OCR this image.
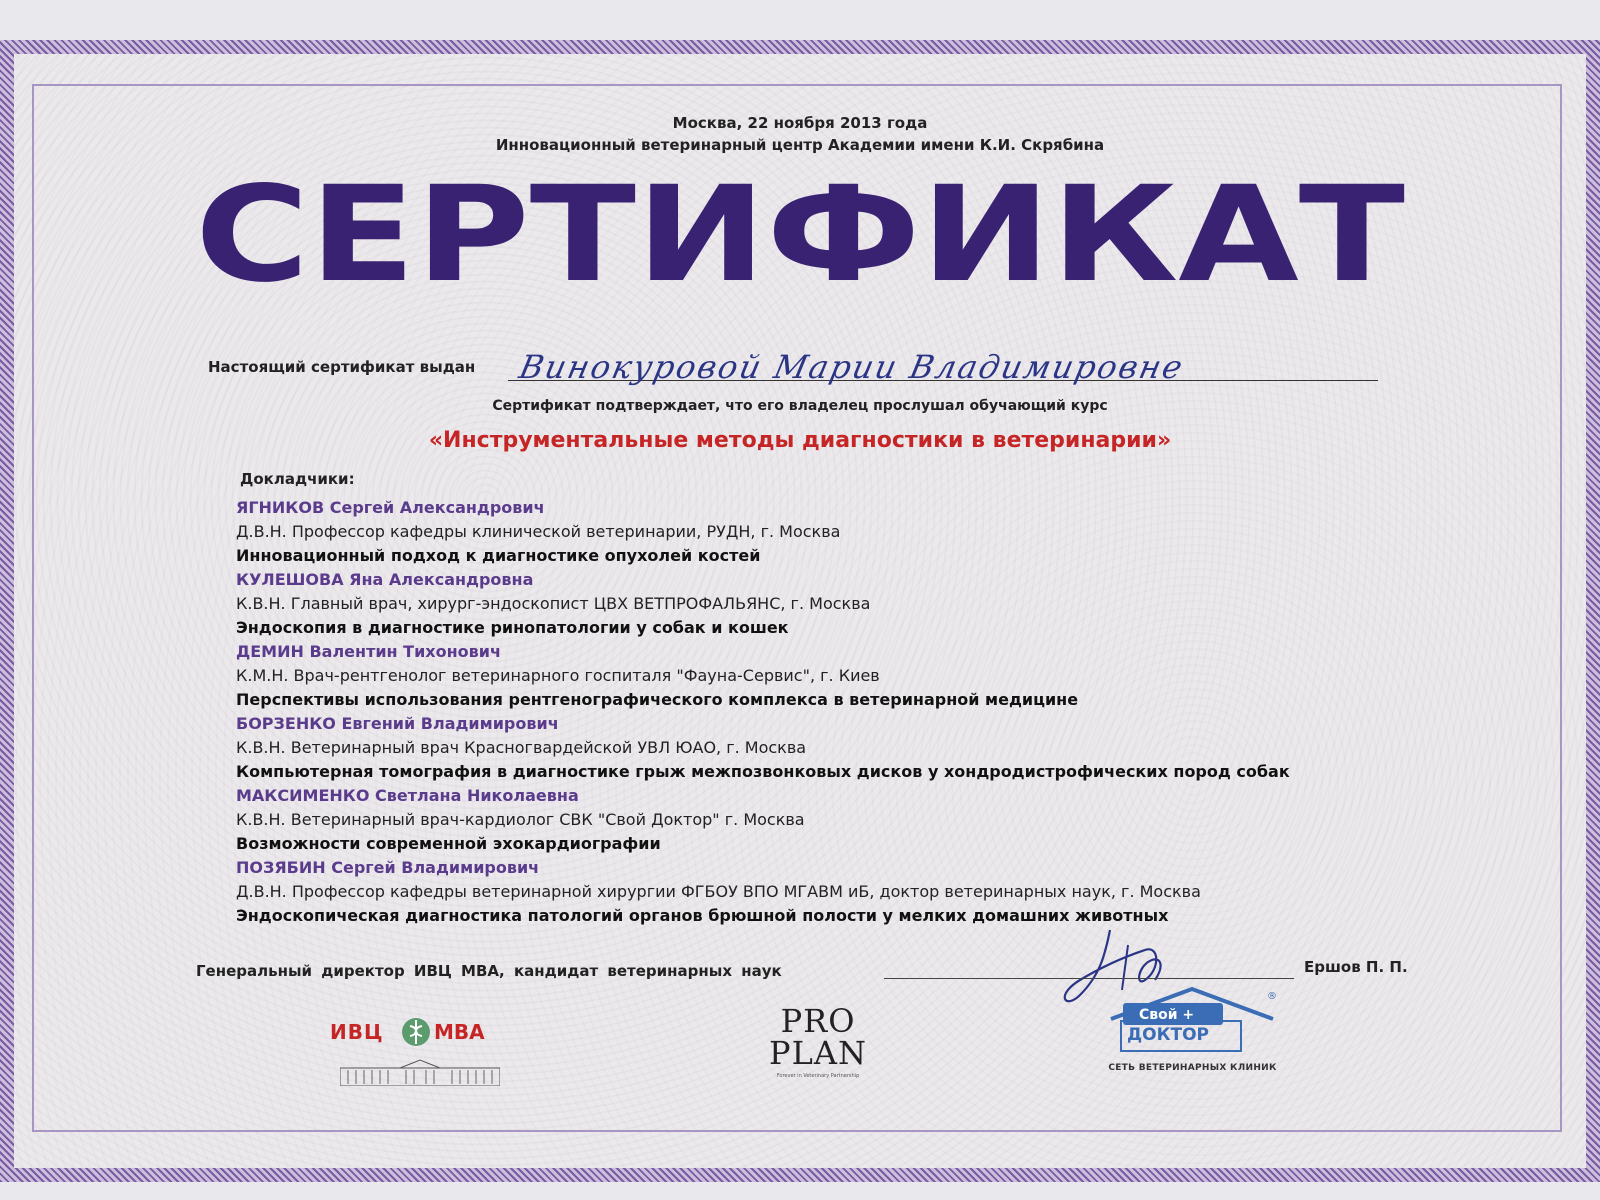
Москва, 22 ноября 2013 года
Инновационный ветеринарный центр Академии имени К.И. Скрябина
СЕРТИФИКАТ
Настоящий сертификат выдан Винокуровой Марии Владимировне
Сертификат подтверждает, что его владелец прослушал обучающий курс
«Инструментальные методы диагностики в ветеринарии»
Докладчики:
ЯГНИКОВ Сергей Александрович
Д.В.Н. Профессор кафедры клинической ветеринарии, РУДН, г. Москва
Инновационный подход к диагностике опухолей костей
КУЛЕШОВА Яна Александровна
К.В.Н. Главный врач, хирург-эндоскопист ЦВХ ВЕТПРОФАЛЬЯНС, г. Москва
Эндоскопия в диагностике ринопатологии у собак и кошек
ДЕМИН Валентин Тихонович
К.М.Н. Врач-рентгенолог ветеринарного госпиталя "Фауна-Сервис", г. Киев
Перспективы использования рентгенографического комплекса в ветеринарной медицине
БОРЗЕНКО Евгений Владимирович
К.В.Н. Ветеринарный врач Красногвардейской УВЛ ЮАО, г. Москва
Компьютерная томография в диагностике грыж межпозвонковых дисков у хондродистрофических пород собак
МАКСИМЕНКО Светлана Николаевна
К.В.Н. Ветеринарный врач-кардиолог СВК "Свой Доктор" г. Москва
Возможности современной эхокардиографии
ПОЗЯБИН Сергей Владимирович
Д.В.Н. Профессор кафедры ветеринарной хирургии ФГБОУ ВПО МГАВМ иБ, доктор ветеринарных наук, г. Москва
Эндоскопическая диагностика патологий органов брюшной полости у мелких домашних животных
Генеральный директор ИВЦ МВА, кандидат ветеринарных наук	Ершов П. П.
ИВЦ	МВА	PRO
PLAN
Forever in Veterinary Partnership
®
Свой +
ДОКТОР
СЕТЬ ВЕТЕРИНАРНЫХ КЛИНИК
